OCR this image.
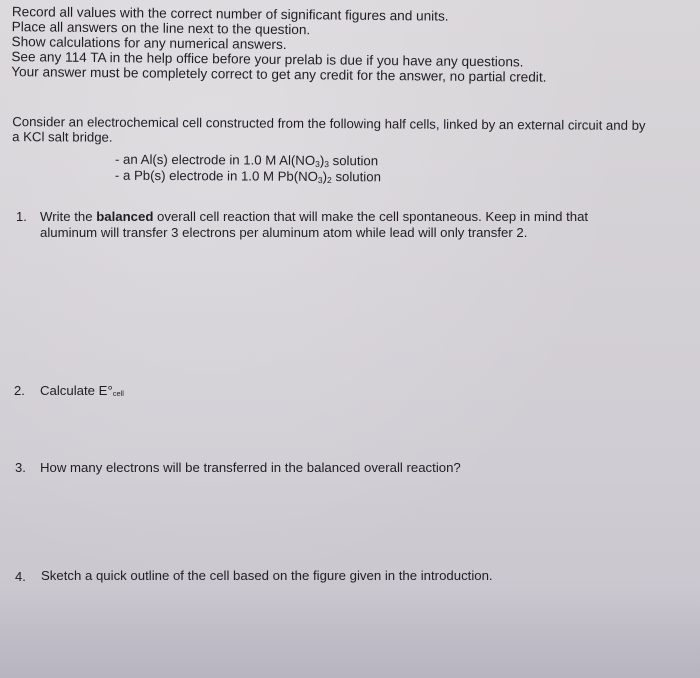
Record all values with the correct number of significant figures and units.
Place all answers on the line next to the question.
Show calculations for any numerical answers.
See any 114 TA in the help office before your prelab is due if you have any questions.
Your answer must be completely correct to get any credit for the answer, no partial credit.
Consider an electrochemical cell constructed from the following half cells, linked by an external circuit and by
a KCl salt bridge.
- an Al(s) electrode in 1.0 M $Al(NO_3)_3$ solution
- a Pb(s) electrode in 1.0 M $Pb(NO_3)_2$ solution
1. Write the balanced overall cell reaction that will make the cell spontaneous. Keep in mind that
aluminum will transfer 3 electrons per aluminum atom while lead will only transfer 2.
2. Calculate $E^\circ_{cell}$
3. How many electrons will be transferred in the balanced overall reaction?
4. Sketch a quick outline of the cell based on the figure given in the introduction.
